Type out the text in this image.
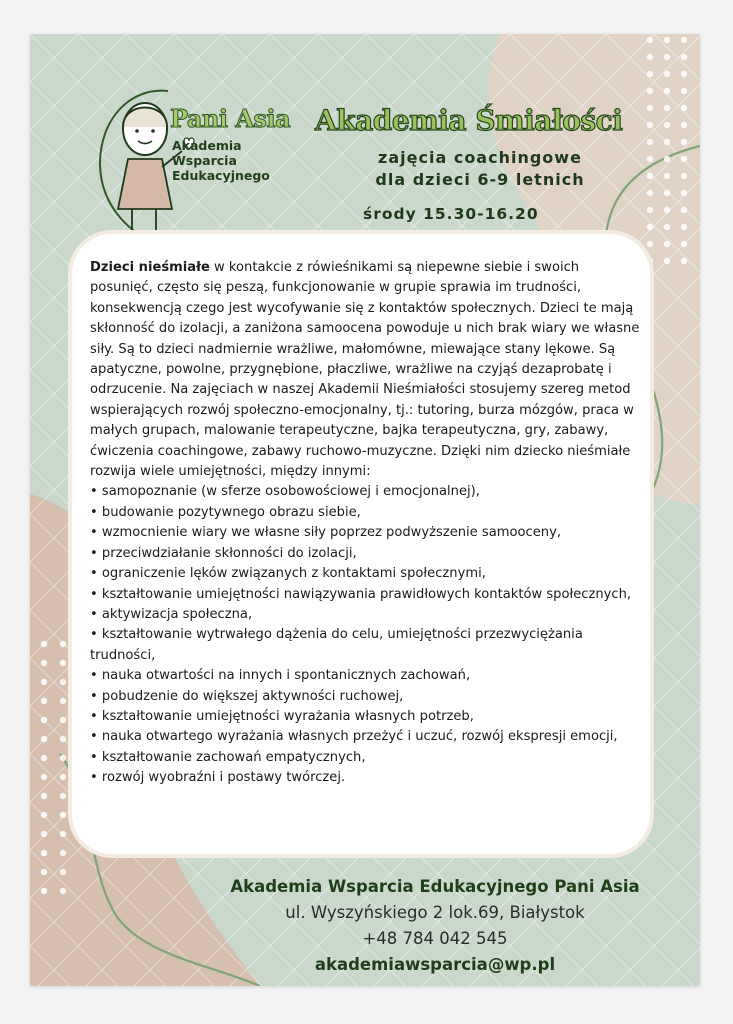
Pani Asia
Akademia
Wsparcia
Edukacyjnego
Akademia Śmiałości
zajęcia coachingowe
dla dzieci 6-9 letnich
środy 15.30-16.20

Dzieci nieśmiałe w kontakcie z rówieśnikami są niepewne siebie i swoich posunięć, często się peszą, funkcjonowanie w grupie sprawia im trudności, konsekwencją czego jest wycofywanie się z kontaktów społecznych. Dzieci te mają skłonność do izolacji, a zaniżona samoocena powoduje u nich brak wiary we własne siły. Są to dzieci nadmiernie wrażliwe, małomówne, miewające stany lękowe. Są apatyczne, powolne, przygnębione, płaczliwe, wrażliwe na czyjąś dezaprobatę i odrzucenie. Na zajęciach w naszej Akademii Nieśmiałości stosujemy szereg metod wspierających rozwój społeczno-emocjonalny, tj.: tutoring, burza mózgów, praca w małych grupach, malowanie terapeutyczne, bajka terapeutyczna, gry, zabawy, ćwiczenia coachingowe, zabawy ruchowo-muzyczne. Dzięki nim dziecko nieśmiałe rozwija wiele umiejętności, między innymi:

• samopoznanie (w sferze osobowościowej i emocjonalnej),
• budowanie pozytywnego obrazu siebie,
• wzmocnienie wiary we własne siły poprzez podwyższenie samooceny,
• przeciwdziałanie skłonności do izolacji,
• ograniczenie lęków związanych z kontaktami społecznymi,
• kształtowanie umiejętności nawiązywania prawidłowych kontaktów społecznych,
• aktywizacja społeczna,
• kształtowanie wytrwałego dążenia do celu, umiejętności przezwyciężania trudności,
• nauka otwartości na innych i spontanicznych zachowań,
• pobudzenie do większej aktywności ruchowej,
• kształtowanie umiejętności wyrażania własnych potrzeb,
• nauka otwartego wyrażania własnych przeżyć i uczuć, rozwój ekspresji emocji,
• kształtowanie zachowań empatycznych,
• rozwój wyobraźni i postawy twórczej.
Akademia Wsparcia Edukacyjnego Pani Asia
ul. Wyszyńskiego 2 lok.69, Białystok
+48 784 042 545
akademiawsparcia@wp.pl
